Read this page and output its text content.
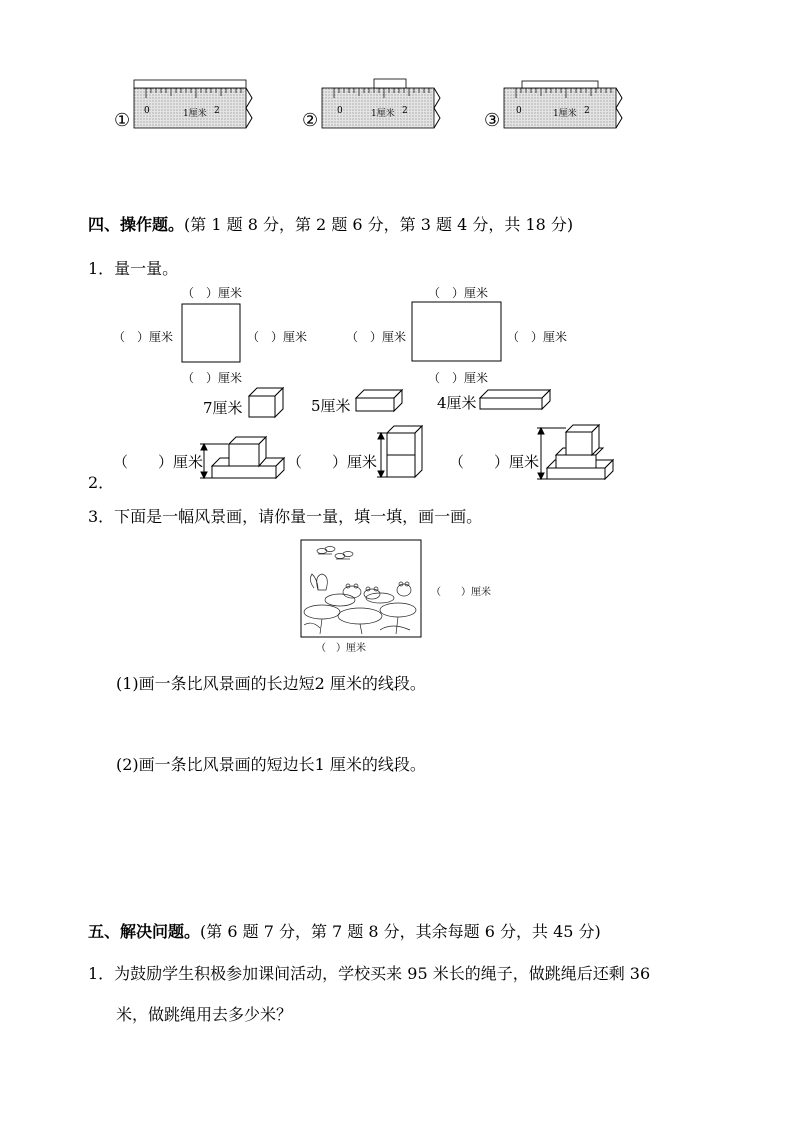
① 0	1厘米 2	② 0	1厘米 2	③ 0	1厘米 2
四、操作题。(第 1 题 8 分，第 2 题 6 分，第 3 题 4 分，共 18 分)
1．量一量。
（　）厘米
（　）厘米	（　）厘米
（　）厘米
（　）厘米
（　）厘米	（　）厘米
（　）厘米
7厘米	5厘米	4厘米
2．
（　　）厘米	（　　）厘米	（　　）厘米
3．下面是一幅风景画，请你量一量，填一填，画一画。
（　　）厘米
（　）厘米
(1)画一条比风景画的长边短2 厘米的线段。
(2)画一条比风景画的短边长1 厘米的线段。
五、解决问题。(第 6 题 7 分，第 7 题 8 分，其余每题 6 分，共 45 分)
1．为鼓励学生积极参加课间活动，学校买来 95 米长的绳子，做跳绳后还剩 36
米，做跳绳用去多少米？
